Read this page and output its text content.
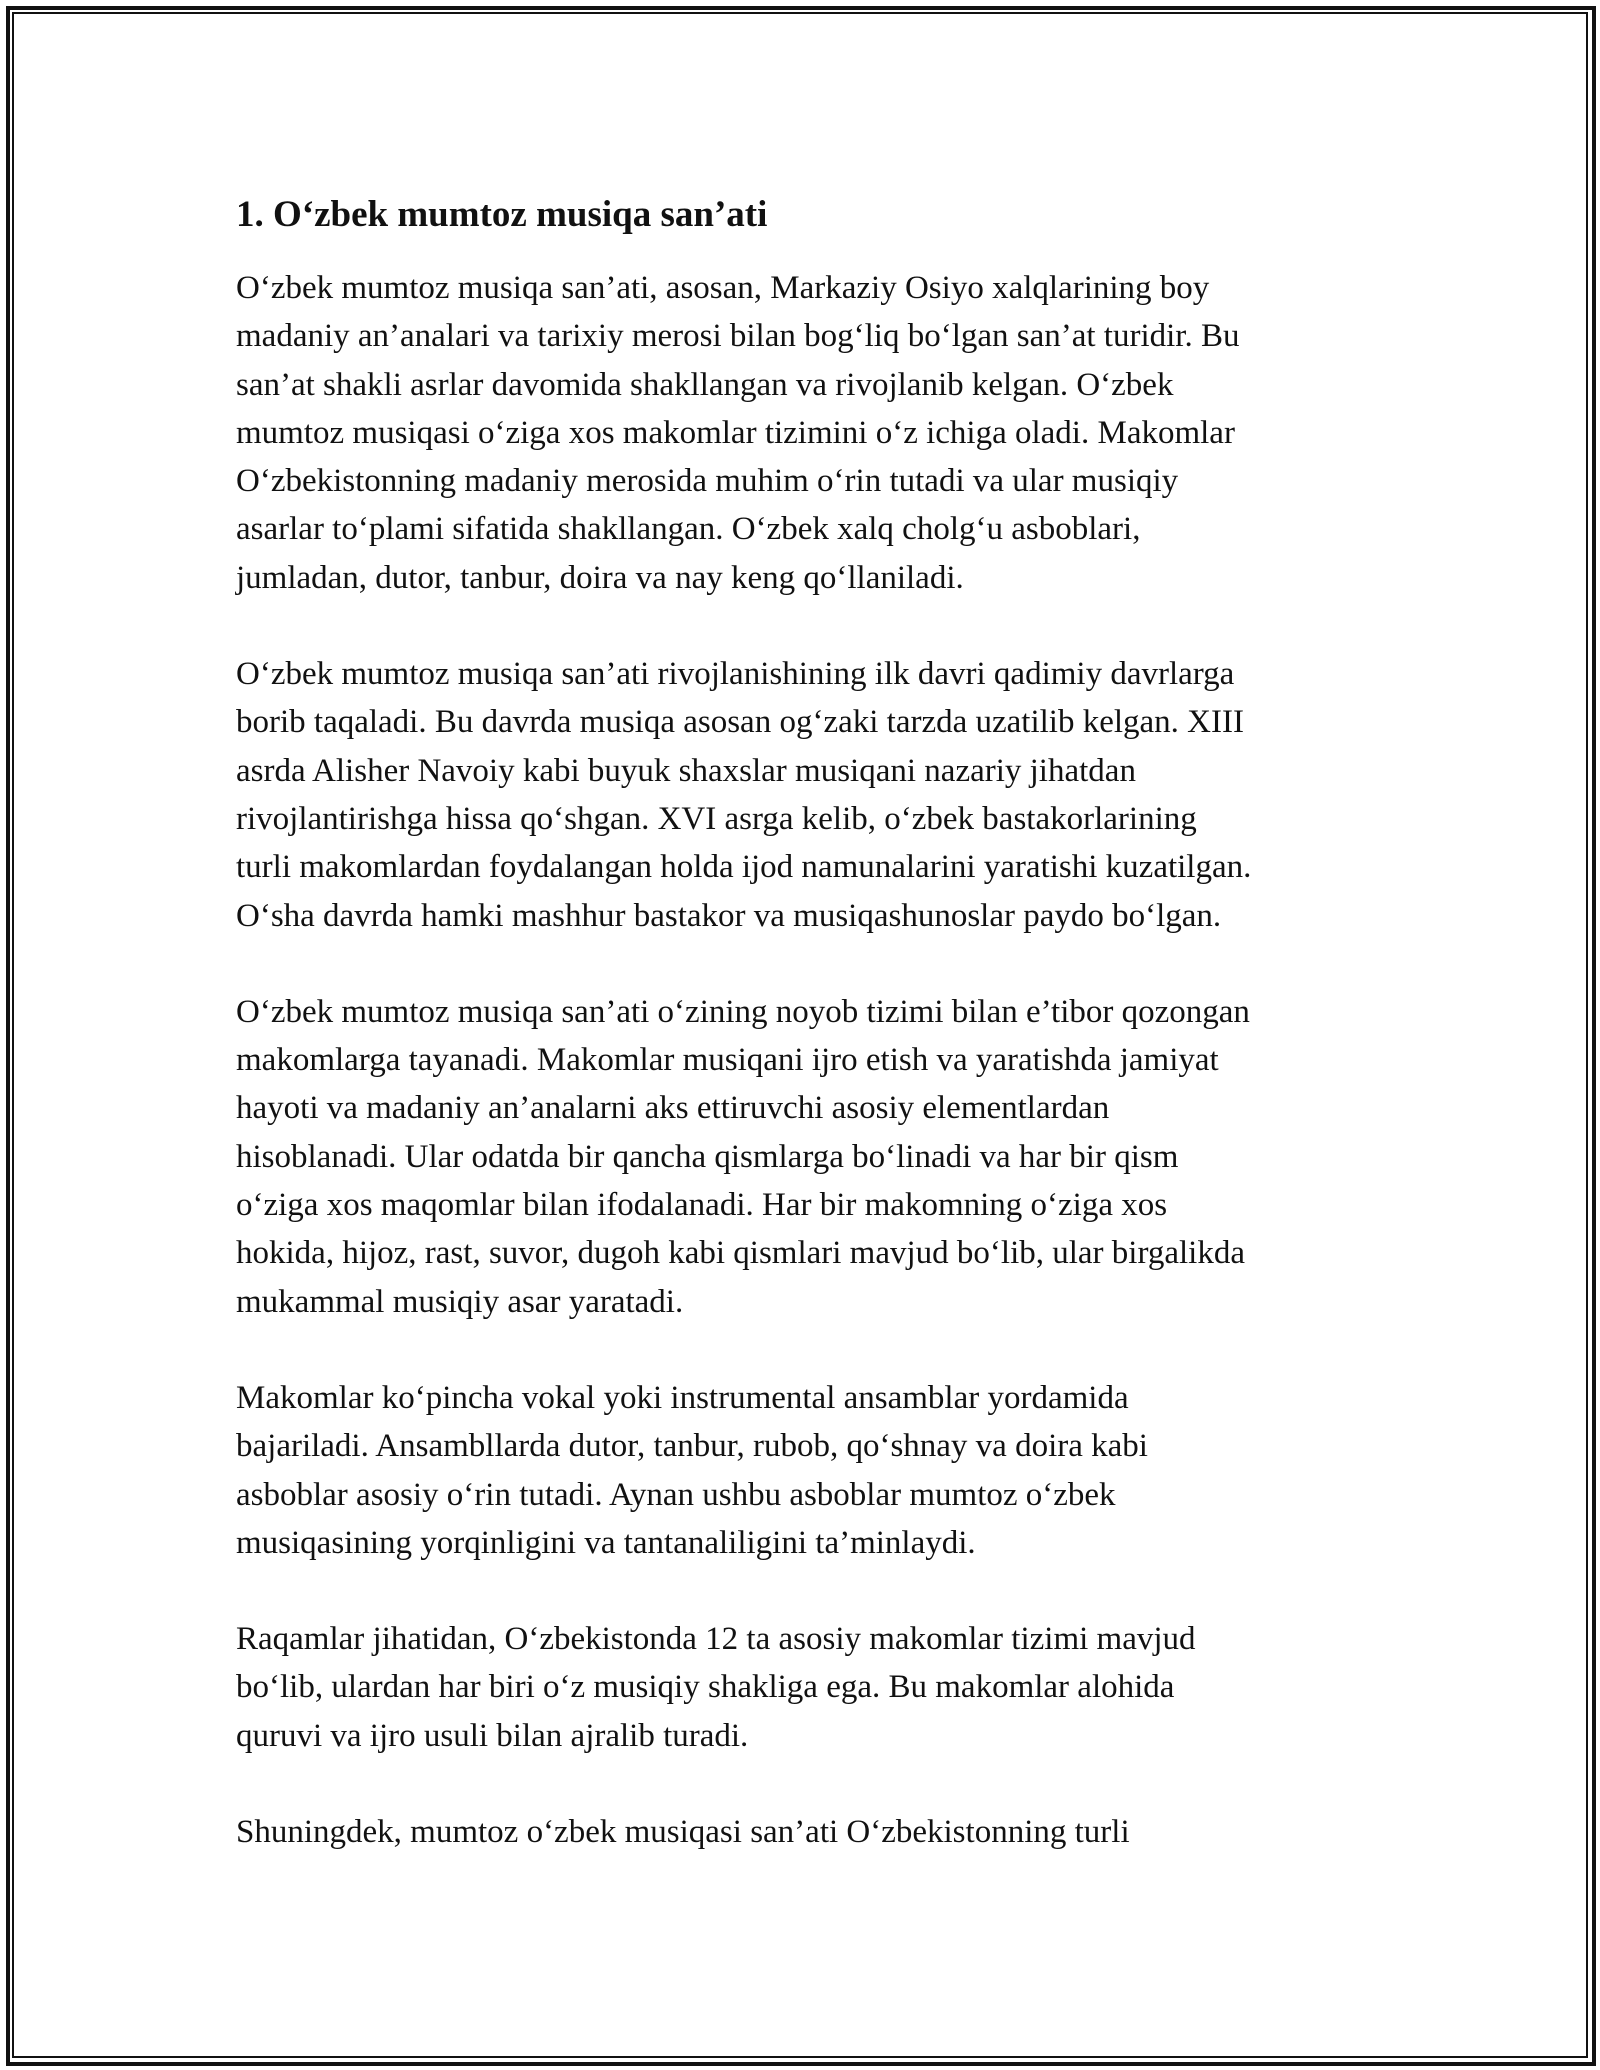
1. O‘zbek mumtoz musiqa san’ati

O‘zbek mumtoz musiqa san’ati, asosan, Markaziy Osiyo xalqlarining boy
madaniy an’analari va tarixiy merosi bilan bog‘liq bo‘lgan san’at turidir. Bu
san’at shakli asrlar davomida shakllangan va rivojlanib kelgan. O‘zbek
mumtoz musiqasi o‘ziga xos makomlar tizimini o‘z ichiga oladi. Makomlar
O‘zbekistonning madaniy merosida muhim o‘rin tutadi va ular musiqiy
asarlar to‘plami sifatida shakllangan. O‘zbek xalq cholg‘u asboblari,
jumladan, dutor, tanbur, doira va nay keng qo‘llaniladi.

O‘zbek mumtoz musiqa san’ati rivojlanishining ilk davri qadimiy davrlarga
borib taqaladi. Bu davrda musiqa asosan og‘zaki tarzda uzatilib kelgan. XIII
asrda Alisher Navoiy kabi buyuk shaxslar musiqani nazariy jihatdan
rivojlantirishga hissa qo‘shgan. XVI asrga kelib, o‘zbek bastakorlarining
turli makomlardan foydalangan holda ijod namunalarini yaratishi kuzatilgan.
O‘sha davrda hamki mashhur bastakor va musiqashunoslar paydo bo‘lgan.

O‘zbek mumtoz musiqa san’ati o‘zining noyob tizimi bilan e’tibor qozongan
makomlarga tayanadi. Makomlar musiqani ijro etish va yaratishda jamiyat
hayoti va madaniy an’analarni aks ettiruvchi asosiy elementlardan
hisoblanadi. Ular odatda bir qancha qismlarga bo‘linadi va har bir qism
o‘ziga xos maqomlar bilan ifodalanadi. Har bir makomning o‘ziga xos
hokida, hijoz, rast, suvor, dugoh kabi qismlari mavjud bo‘lib, ular birgalikda
mukammal musiqiy asar yaratadi.

Makomlar ko‘pincha vokal yoki instrumental ansamblar yordamida
bajariladi. Ansambllarda dutor, tanbur, rubob, qo‘shnay va doira kabi
asboblar asosiy o‘rin tutadi. Aynan ushbu asboblar mumtoz o‘zbek
musiqasining yorqinligini va tantanaliligini ta’minlaydi.

Raqamlar jihatidan, O‘zbekistonda 12 ta asosiy makomlar tizimi mavjud
bo‘lib, ulardan har biri o‘z musiqiy shakliga ega. Bu makomlar alohida
quruvi va ijro usuli bilan ajralib turadi.

Shuningdek, mumtoz o‘zbek musiqasi san’ati O‘zbekistonning turli
